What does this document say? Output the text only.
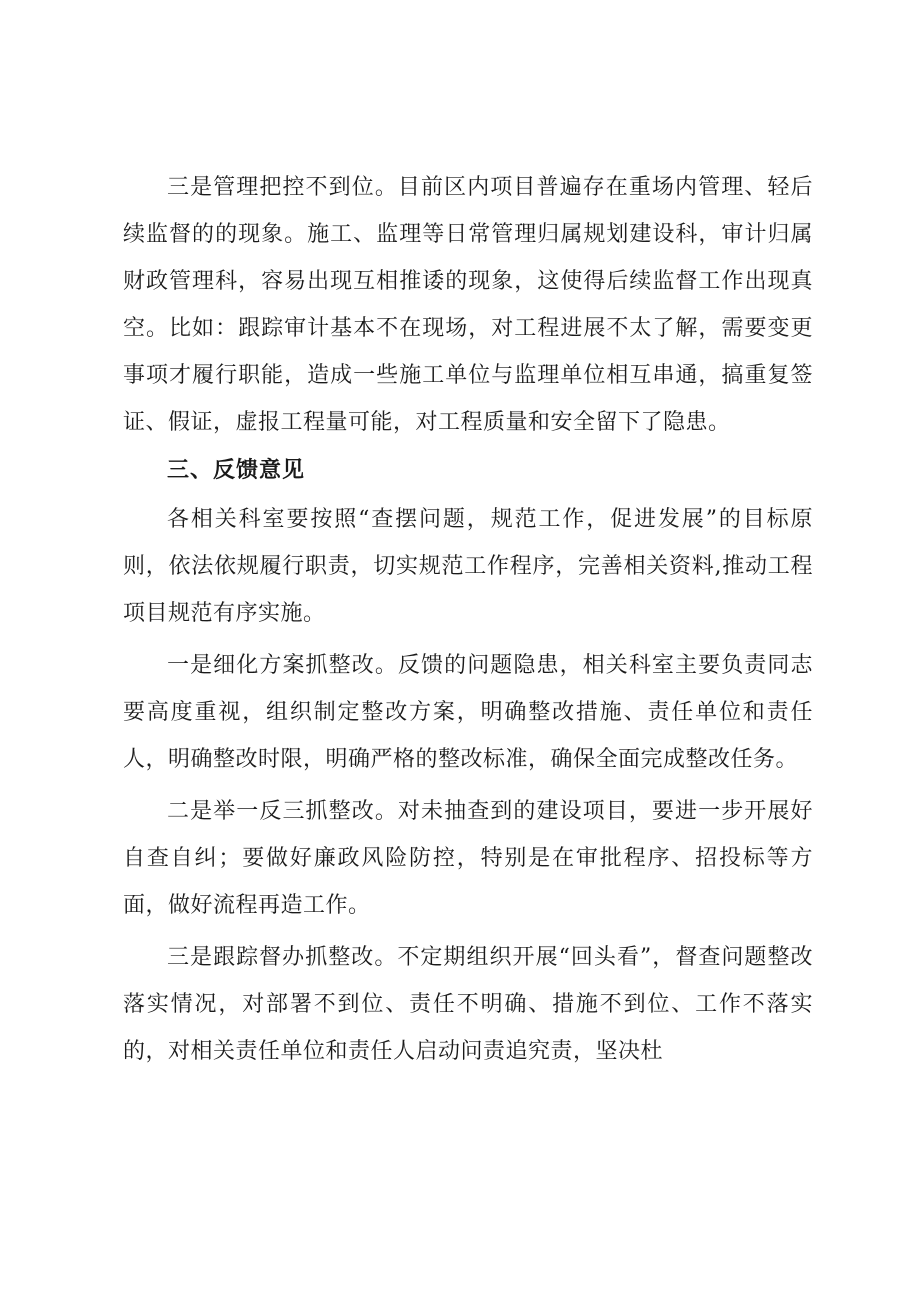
三是管理把控不到位。目前区内项目普遍存在重场内管理、轻后续监督的的现象。施工、监理等日常管理归属规划建设科，审计归属财政管理科，容易出现互相推诿的现象，这使得后续监督工作出现真空。比如：跟踪审计基本不在现场，对工程进展不太了解，需要变更事项才履行职能，造成一些施工单位与监理单位相互串通，搞重复签证、假证，虚报工程量可能，对工程质量和安全留下了隐患。

三、反馈意见

各相关科室要按照“查摆问题，规范工作，促进发展”的目标原则，依法依规履行职责，切实规范工作程序，完善相关资料,推动工程项目规范有序实施。

一是细化方案抓整改。反馈的问题隐患，相关科室主要负责同志要高度重视，组织制定整改方案，明确整改措施、责任单位和责任人，明确整改时限，明确严格的整改标准，确保全面完成整改任务。

二是举一反三抓整改。对未抽查到的建设项目，要进一步开展好自查自纠；要做好廉政风险防控，特别是在审批程序、招投标等方面，做好流程再造工作。

三是跟踪督办抓整改。不定期组织开展“回头看”，督查问题整改落实情况，对部署不到位、责任不明确、措施不到位、工作不落实的，对相关责任单位和责任人启动问责追究责，坚决杜
